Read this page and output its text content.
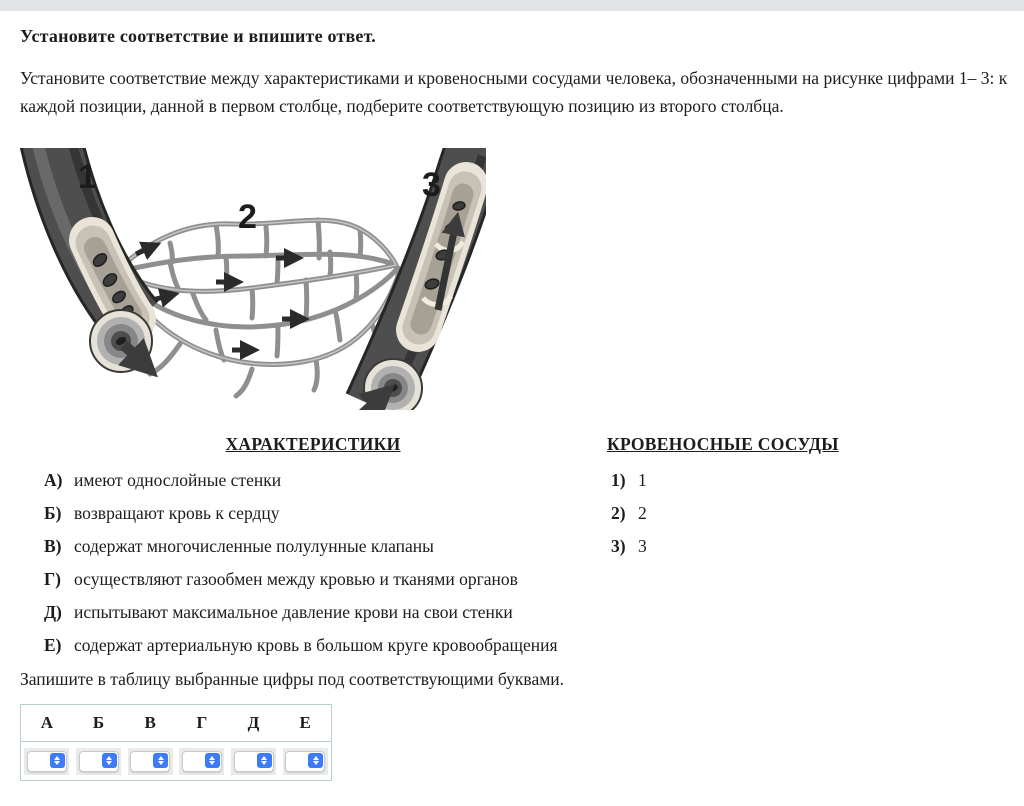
Установите соответствие и впишите ответ.
Установите соответствие между характеристиками и кровеносными сосудами человека, обозначенными на рисунке цифрами 1– 3: к каждой позиции, данной в первом столбце, подберите соответствующую позицию из второго столбца.
1
2
3
ХАРАКТЕРИСТИКИ	КРОВЕНОСНЫЕ СОСУДЫ
А) имеют однослойные стенки
Б) возвращают кровь к сердцу
В) содержат многочисленные полулунные клапаны
Г) осуществляют газообмен между кровью и тканями органов
Д) испытывают максимальное давление крови на свои стенки
Е) содержат артериальную кровь в большом круге кровообращения
1) 1
2) 2
3) 3
Запишите в таблицу выбранные цифры под соответствующими буквами.
А	Б	В	Г	Д	Е
